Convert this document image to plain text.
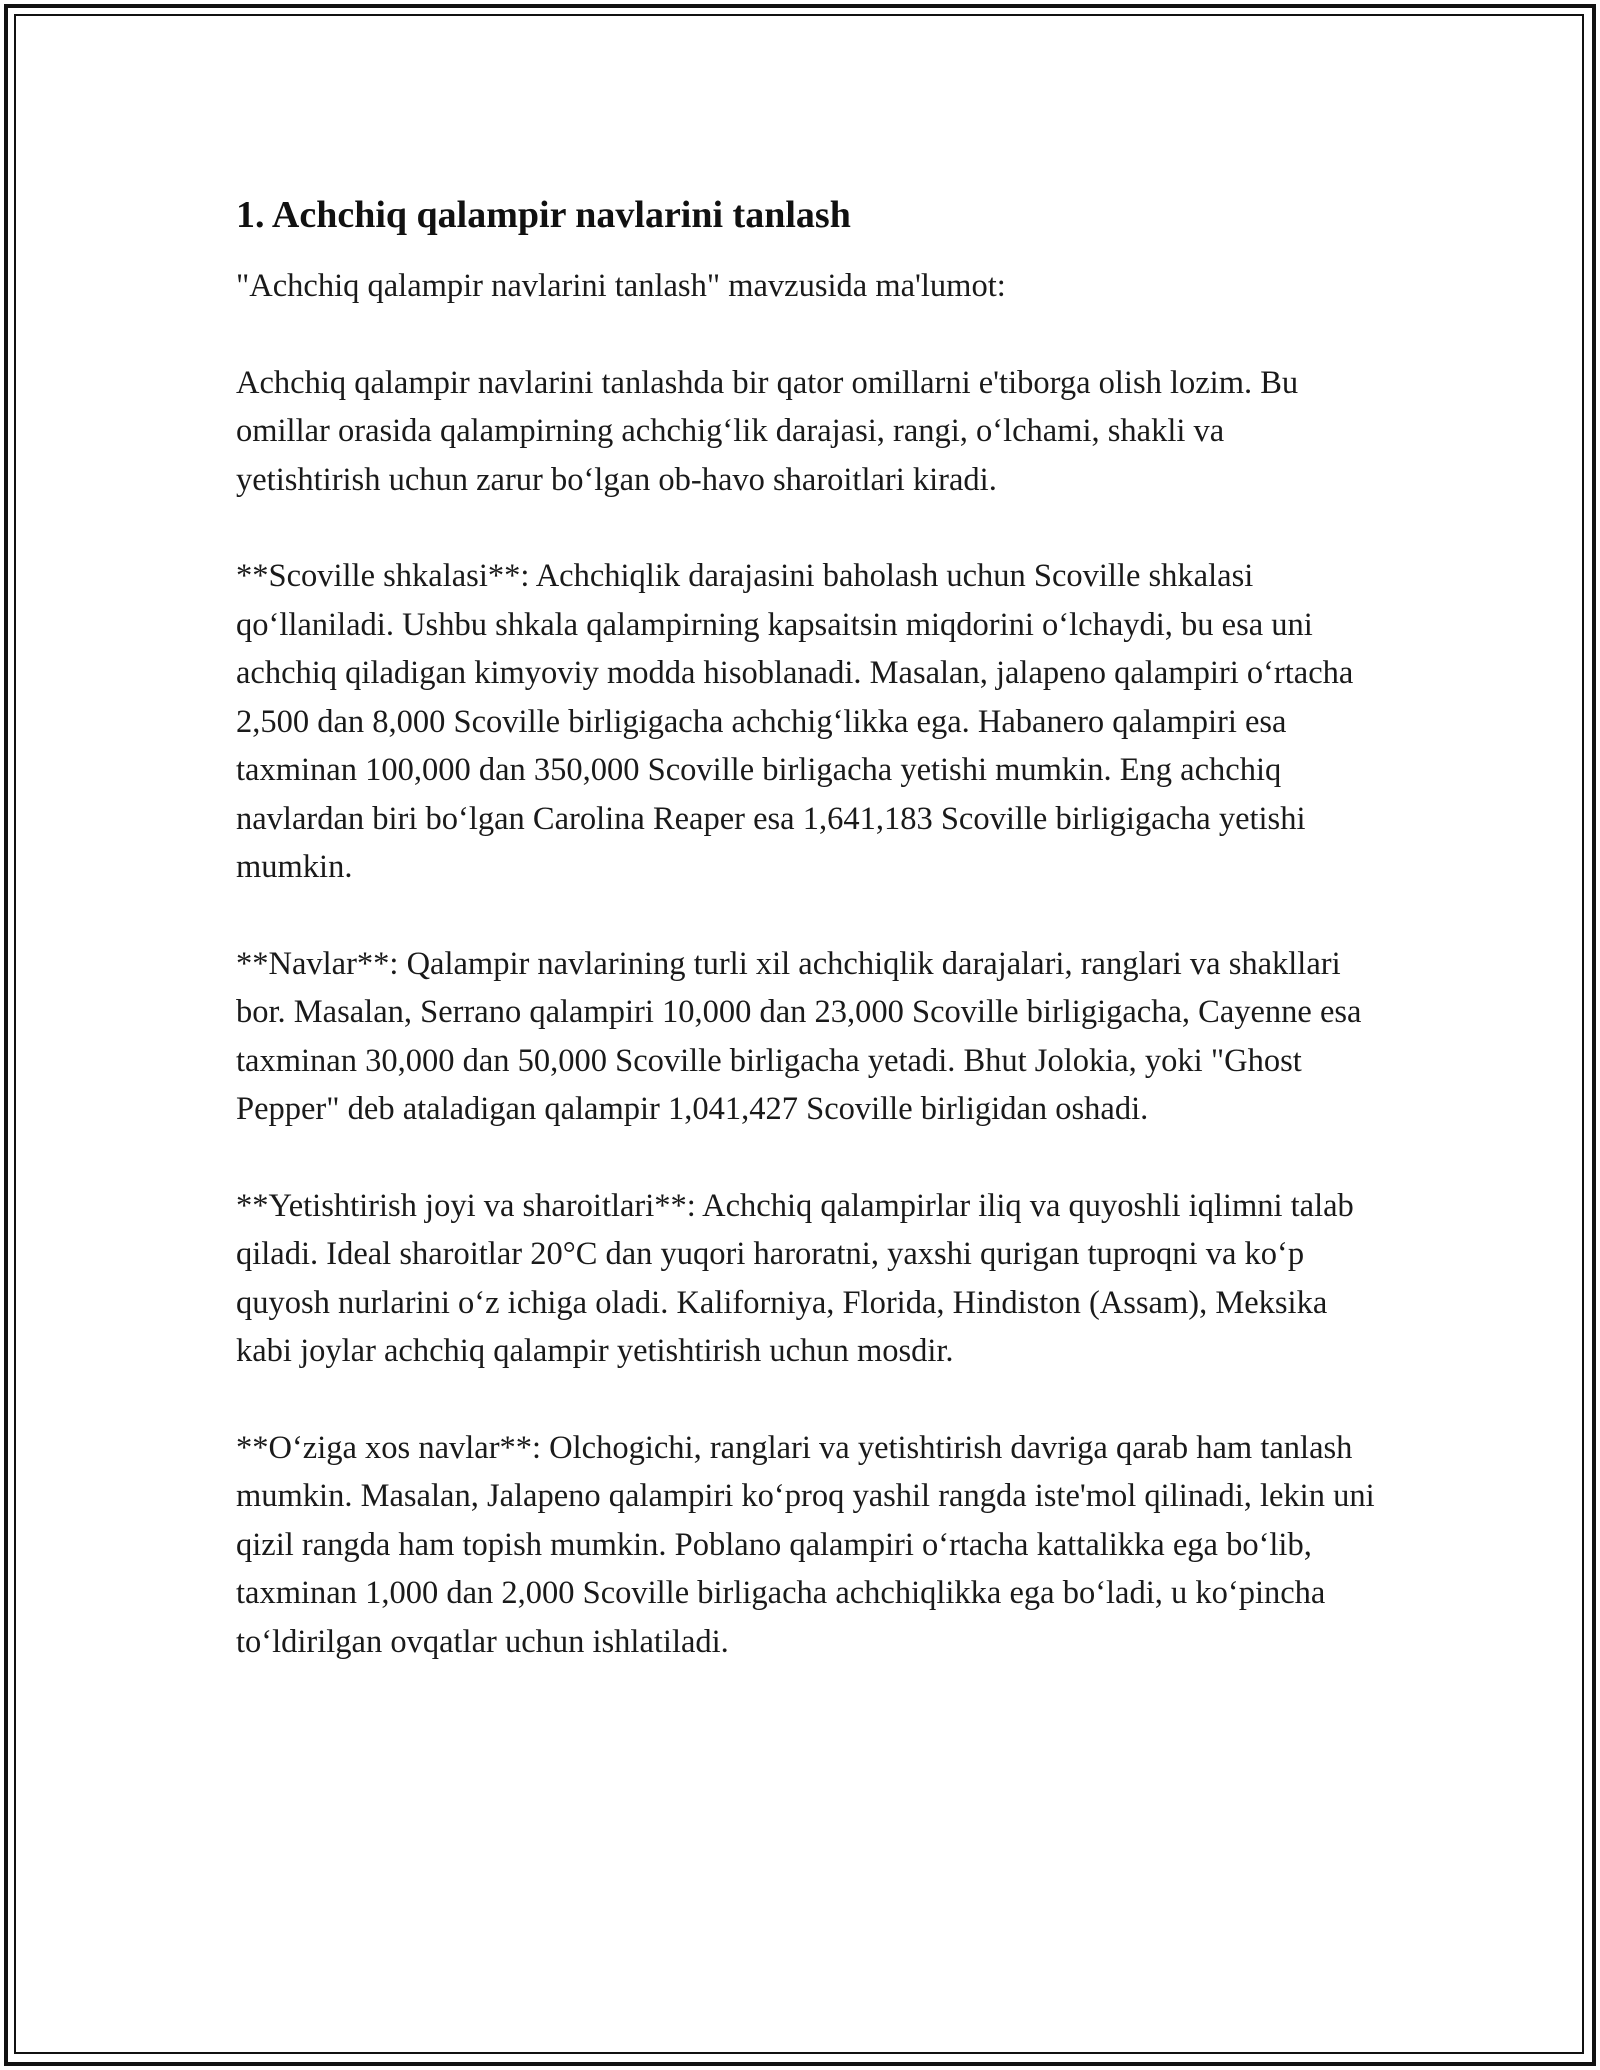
1. Achchiq qalampir navlarini tanlash

"Achchiq qalampir navlarini tanlash" mavzusida ma'lumot:

Achchiq qalampir navlarini tanlashda bir qator omillarni e'tiborga olish lozim. Bu omillar orasida qalampirning achchig‘lik darajasi, rangi, o‘lchami, shakli va yetishtirish uchun zarur bo‘lgan ob-havo sharoitlari kiradi.

**Scoville shkalasi**: Achchiqlik darajasini baholash uchun Scoville shkalasi qo‘llaniladi. Ushbu shkala qalampirning kapsaitsin miqdorini o‘lchaydi, bu esa uni achchiq qiladigan kimyoviy modda hisoblanadi. Masalan, jalapeno qalampiri o‘rtacha 2,500 dan 8,000 Scoville birligigacha achchig‘likka ega. Habanero qalampiri esa taxminan 100,000 dan 350,000 Scoville birligacha yetishi mumkin. Eng achchiq navlardan biri bo‘lgan Carolina Reaper esa 1,641,183 Scoville birligigacha yetishi mumkin.

**Navlar**: Qalampir navlarining turli xil achchiqlik darajalari, ranglari va shakllari bor. Masalan, Serrano qalampiri 10,000 dan 23,000 Scoville birligigacha, Cayenne esa taxminan 30,000 dan 50,000 Scoville birligacha yetadi. Bhut Jolokia, yoki "Ghost Pepper" deb ataladigan qalampir 1,041,427 Scoville birligidan oshadi.

**Yetishtirish joyi va sharoitlari**: Achchiq qalampirlar iliq va quyoshli iqlimni talab qiladi. Ideal sharoitlar 20°C dan yuqori haroratni, yaxshi qurigan tuproqni va ko‘p quyosh nurlarini o‘z ichiga oladi. Kaliforniya, Florida, Hindiston (Assam), Meksika kabi joylar achchiq qalampir yetishtirish uchun mosdir.

**O‘ziga xos navlar**: Olchogichi, ranglari va yetishtirish davriga qarab ham tanlash mumkin. Masalan, Jalapeno qalampiri ko‘proq yashil rangda iste'mol qilinadi, lekin uni qizil rangda ham topish mumkin. Poblano qalampiri o‘rtacha kattalikka ega bo‘lib, taxminan 1,000 dan 2,000 Scoville birligacha achchiqlikka ega bo‘ladi, u ko‘pincha to‘ldirilgan ovqatlar uchun ishlatiladi.
